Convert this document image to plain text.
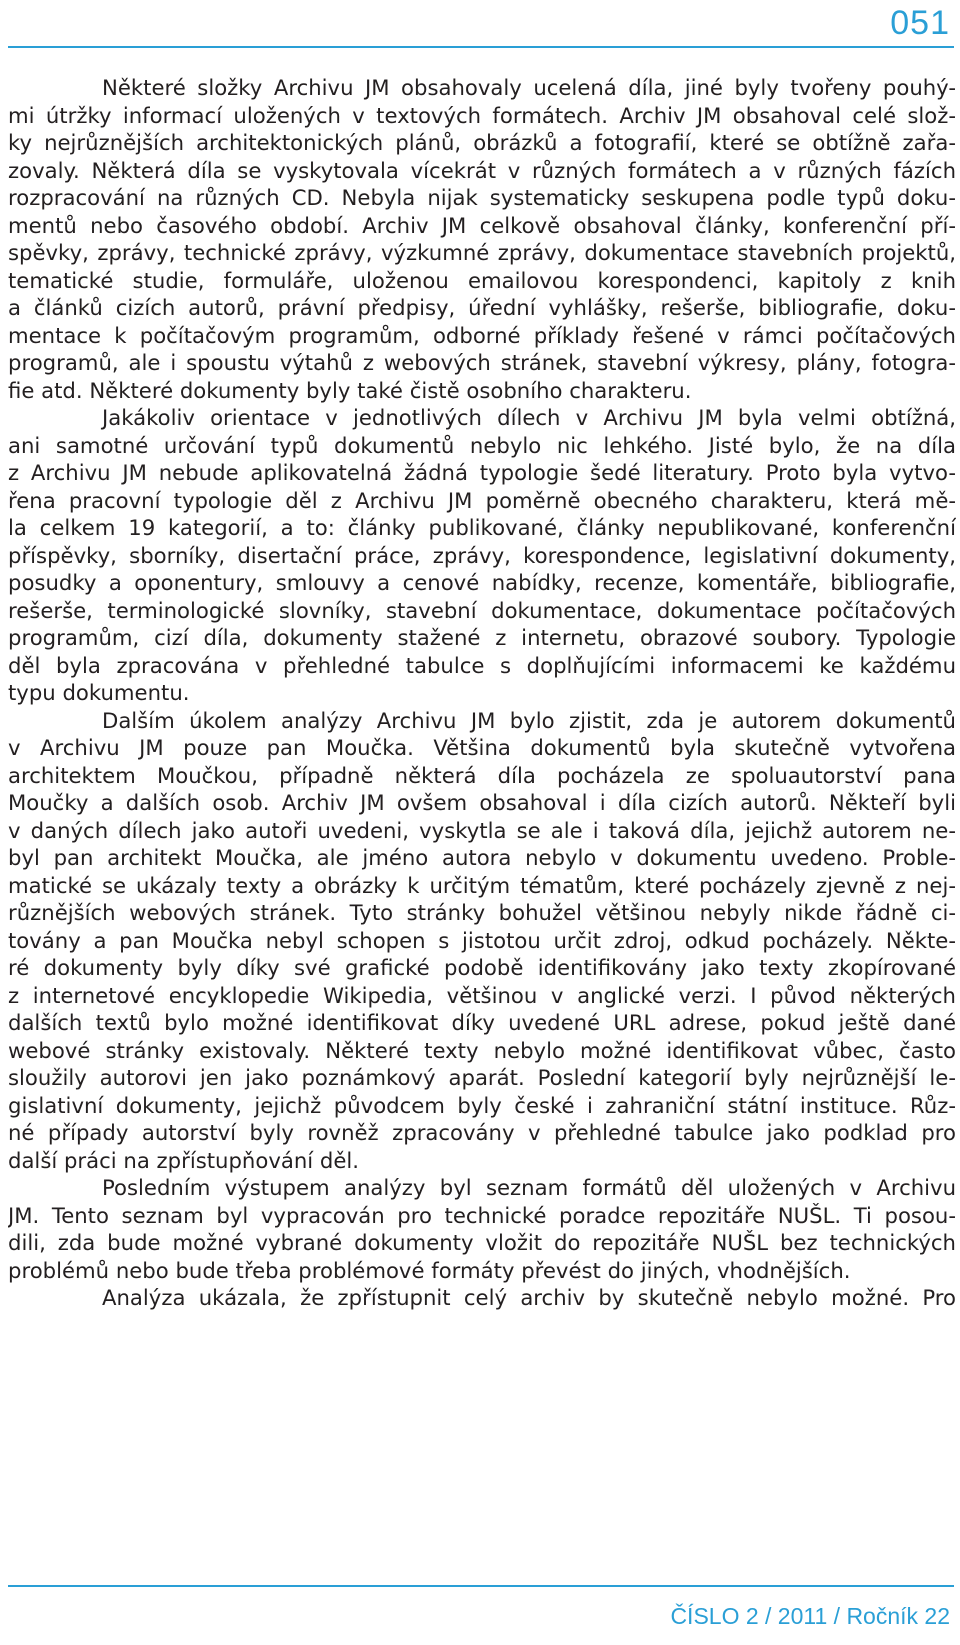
051
Některé složky Archivu JM obsahovaly ucelená díla, jiné byly tvořeny pouhý-
mi útržky informací uložených v textových formátech. Archiv JM obsahoval celé slož-
ky nejrůznějších architektonických plánů, obrázků a fotografií, které se obtížně zařa-
zovaly. Některá díla se vyskytovala vícekrát v různých formátech a v různých fázích
rozpracování na různých CD. Nebyla nijak systematicky seskupena podle typů doku-
mentů nebo časového období. Archiv JM celkově obsahoval články, konferenční pří-
spěvky, zprávy, technické zprávy, výzkumné zprávy, dokumentace stavebních projektů,
tematické studie, formuláře, uloženou emailovou korespondenci, kapitoly z knih
a článků cizích autorů, právní předpisy, úřední vyhlášky, rešerše, bibliografie, doku-
mentace k počítačovým programům, odborné příklady řešené v rámci počítačových
programů, ale i spoustu výtahů z webových stránek, stavební výkresy, plány, fotogra-
fie atd. Některé dokumenty byly také čistě osobního charakteru.
Jakákoliv orientace v jednotlivých dílech v Archivu JM byla velmi obtížná,
ani samotné určování typů dokumentů nebylo nic lehkého. Jisté bylo, že na díla
z Archivu JM nebude aplikovatelná žádná typologie šedé literatury. Proto byla vytvo-
řena pracovní typologie děl z Archivu JM poměrně obecného charakteru, která mě-
la celkem 19 kategorií, a to: články publikované, články nepublikované, konferenční
příspěvky, sborníky, disertační práce, zprávy, korespondence, legislativní dokumenty,
posudky a oponentury, smlouvy a cenové nabídky, recenze, komentáře, bibliografie,
rešerše, terminologické slovníky, stavební dokumentace, dokumentace počítačových
programům, cizí díla, dokumenty stažené z internetu, obrazové soubory. Typologie
děl byla zpracována v přehledné tabulce s doplňujícími informacemi ke každému
typu dokumentu.
Dalším úkolem analýzy Archivu JM bylo zjistit, zda je autorem dokumentů
v Archivu JM pouze pan Moučka. Většina dokumentů byla skutečně vytvořena
architektem Moučkou, případně některá díla pocházela ze spoluautorství pana
Moučky a dalších osob. Archiv JM ovšem obsahoval i díla cizích autorů. Někteří byli
v daných dílech jako autoři uvedeni, vyskytla se ale i taková díla, jejichž autorem ne-
byl pan architekt Moučka, ale jméno autora nebylo v dokumentu uvedeno. Proble-
matické se ukázaly texty a obrázky k určitým tématům, které pocházely zjevně z nej-
různějších webových stránek. Tyto stránky bohužel většinou nebyly nikde řádně ci-
továny a pan Moučka nebyl schopen s jistotou určit zdroj, odkud pocházely. Někte-
ré dokumenty byly díky své grafické podobě identifikovány jako texty zkopírované
z internetové encyklopedie Wikipedia, většinou v anglické verzi. I původ některých
dalších textů bylo možné identifikovat díky uvedené URL adrese, pokud ještě dané
webové stránky existovaly. Některé texty nebylo možné identifikovat vůbec, často
sloužily autorovi jen jako poznámkový aparát. Poslední kategorií byly nejrůznější le-
gislativní dokumenty, jejichž původcem byly české i zahraniční státní instituce. Růz-
né případy autorství byly rovněž zpracovány v přehledné tabulce jako podklad pro
další práci na zpřístupňování děl.
Posledním výstupem analýzy byl seznam formátů děl uložených v Archivu
JM. Tento seznam byl vypracován pro technické poradce repozitáře NUŠL. Ti posou-
dili, zda bude možné vybrané dokumenty vložit do repozitáře NUŠL bez technických
problémů nebo bude třeba problémové formáty převést do jiných, vhodnějších.
Analýza ukázala, že zpřístupnit celý archiv by skutečně nebylo možné. Pro
ČÍSLO 2 / 2011 / Ročník 22
